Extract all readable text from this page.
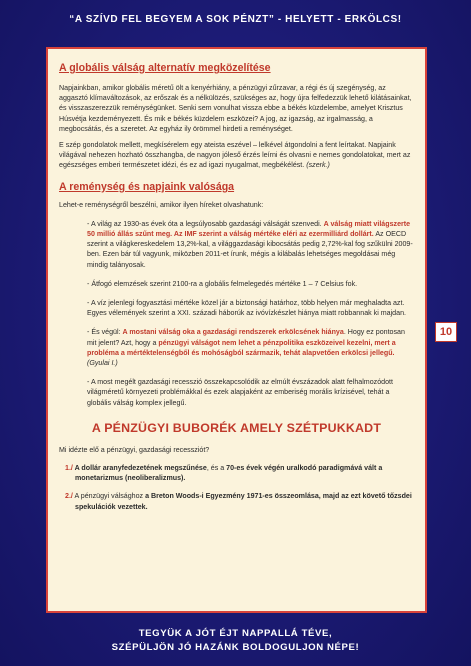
“A SZÍVD FEL BEGYEM A SOK PÉNZT” - HELYETT - ERKÖLCS!
10
A globális válság alternatív megközelítése
Napjainkban, amikor globális méretű ölt a kenyérhiány, a pénzügyi zűrzavar, a régi és új szegénység, az aggasztó klímaváltozások, az erőszak és a nélkülözés, szükséges az, hogy újra felfedezzük lehető kilátásainkat, és visszaszerezzük reménységünket. Senki sem vonulhat vissza ebbe a békés küzdelembe, amelyet Krisztus Húsvétja kezdeményezett. És mik e békés küzdelem eszközei? A jog, az igazság, az irgalmasság, a megbocsátás, és a szeretet. Az egyház ily örömmel hirdeti a reménységet.
E szép gondolatok mellett, megkísérelem egy ateista eszével – lelkével átgondolni a fent leírtakat. Napjaink világával nehezen hozható összhangba, de nagyon jóleső érzés leírni és olvasni e nemes gondolatokat, mert az egészséges emberi természetet idézi, és ez ad igazi nyugalmat, megbékélést. (szerk.)
A reménység és napjaink valósága
Lehet-e reménységről beszélni, amikor ilyen híreket olvashatunk:
- A világ az 1930-as évek óta a legsúlyosabb gazdasági válságát szenvedi. A válság miatt világszerte 50 millió állás szűnt meg. Az IMF szerint a válság mértéke eléri az ezermilliárd dollárt. Az OECD szerint a világkereskedelem 13,2%-kal, a világgazdasági kibocsátás pedig 2,72%-kal fog szűkülni 2009-ben. Ezen bár túl vagyunk, miközben 2011-et írunk, mégis a kilábalás lehetséges megoldásai még mindig talányosak.
- Átfogó elemzések szerint 2100-ra a globális felmelegedés mértéke 1 – 7 Celsius fok.
- A víz jelenlegi fogyasztási mértéke közel jár a biztonsági határhoz, több helyen már meghaladta azt. Egyes vélemények szerint a XXI. századi háborúk az ivóvízkészlet hiánya miatt robbannak ki majdan.
- És végül: A mostani válság oka a gazdasági rendszerek erkölcsének hiánya. Hogy ez pontosan mit jelent? Azt, hogy a pénzügyi válságot nem lehet a pénzpolitika eszközeivel kezelni, mert a probléma a mértéktelenségből és mohóságból származik, tehát alapvetően erkölcsi jellegű. (Gyulai I.)
- A most megélt gazdasági recesszió összekapcsolódik az elmúlt évszázadok alatt felhalmozódott világméretű környezeti problémákkal és ezek alapjaként az emberiség morális krízisével, tehát a globális válság komplex jellegű.
A PÉNZÜGYI BUBORÉK AMELY SZÉTPUKKADT
Mi idézte elő a pénzügyi, gazdasági recessziót?
1./ A dollár aranyfedezetének megszűnése, és a 70-es évek végén uralkodó paradigmává vált a monetarizmus (neoliberalizmus).
2./ A pénzügyi válsághoz a Breton Woods-i Egyezmény 1971-es összeomlása, majd az ezt követő tőzsdei spekulációk vezettek.
TEGYÜK A JÓT ÉJT NAPPALLÁ TÉVE,
SZÉPÜLJÖN JÓ HAZÁNK BOLDOGULJON NÉPE!
